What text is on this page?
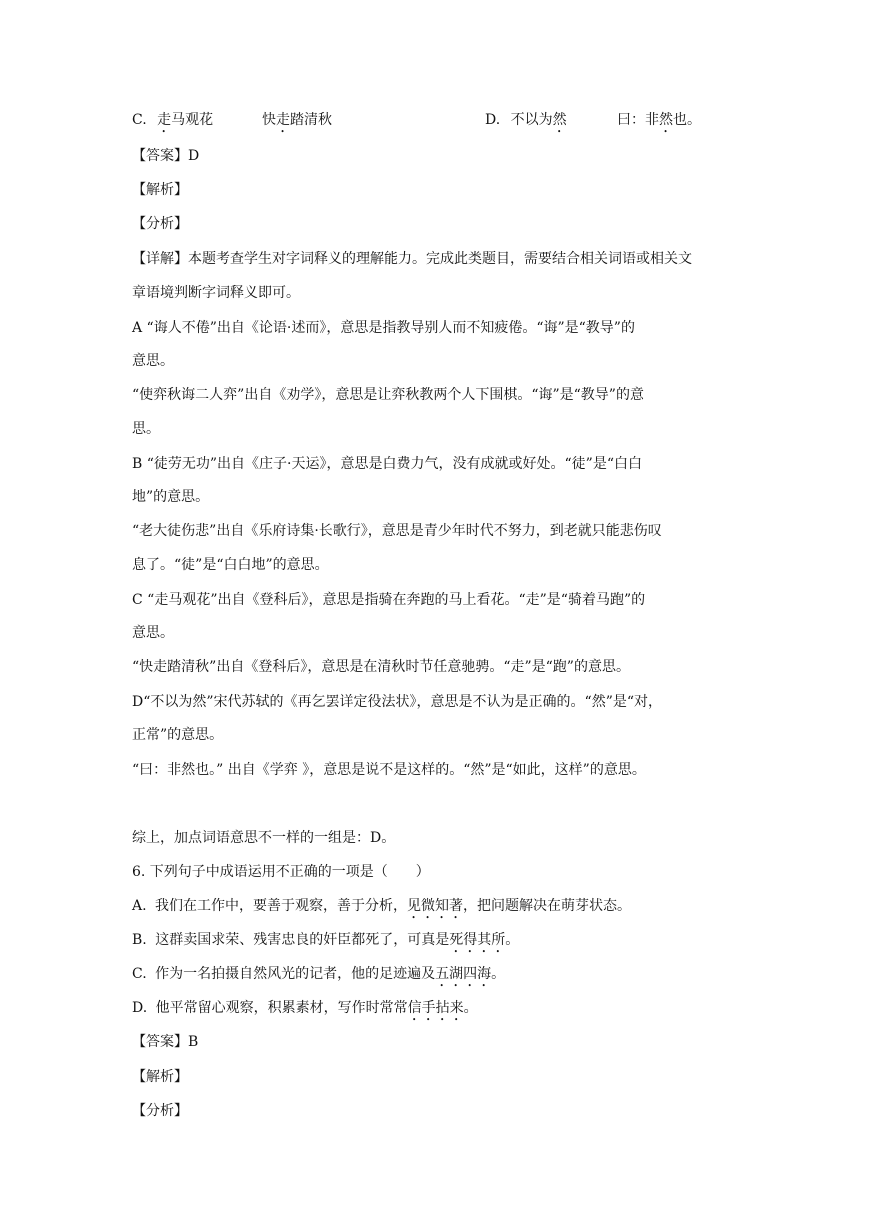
C. 走马观花	快走踏清秋	D. 不以为然	曰：非然也。
【答案】D
【解析】
【分析】
【详解】本题考查学生对字词释义的理解能力。完成此类题目，需要结合相关词语或相关文
章语境判断字词释义即可。
A “诲人不倦”出自《论语·述而》，意思是指教导别人而不知疲倦。“诲”是“教导”的
意思。
“使弈秋诲二人弈”出自《劝学》，意思是让弈秋教两个人下围棋。“诲”是“教导”的意
思。
B “徒劳无功”出自《庄子·天运》，意思是白费力气，没有成就或好处。“徒”是“白白
地”的意思。
“老大徒伤悲”出自《乐府诗集·长歌行》，意思是青少年时代不努力，到老就只能悲伤叹
息了。“徒”是“白白地”的意思。
C “走马观花”出自《登科后》，意思是指骑在奔跑的马上看花。“走”是“骑着马跑”的
意思。
“快走踏清秋”出自《登科后》，意思是在清秋时节任意驰骋。“走”是“跑”的意思。
D“不以为然”宋代苏轼的《再乞罢详定役法状》，意思是不认为是正确的。“然”是“对，
正常”的意思。
“曰：非然也。” 出自《学弈 》，意思是说不是这样的。“然”是“如此，这样”的意思。
综上，加点词语意思不一样的一组是：D。
6. 下列句子中成语运用不正确的一项是（　　）
A. 我们在工作中，要善于观察，善于分析，见微知著，把问题解决在萌芽状态。
B. 这群卖国求荣、残害忠良的奸臣都死了，可真是死得其所。
C. 作为一名拍摄自然风光的记者，他的足迹遍及五湖四海。
D. 他平常留心观察，积累素材，写作时常常信手拈来。
【答案】B
【解析】
【分析】
